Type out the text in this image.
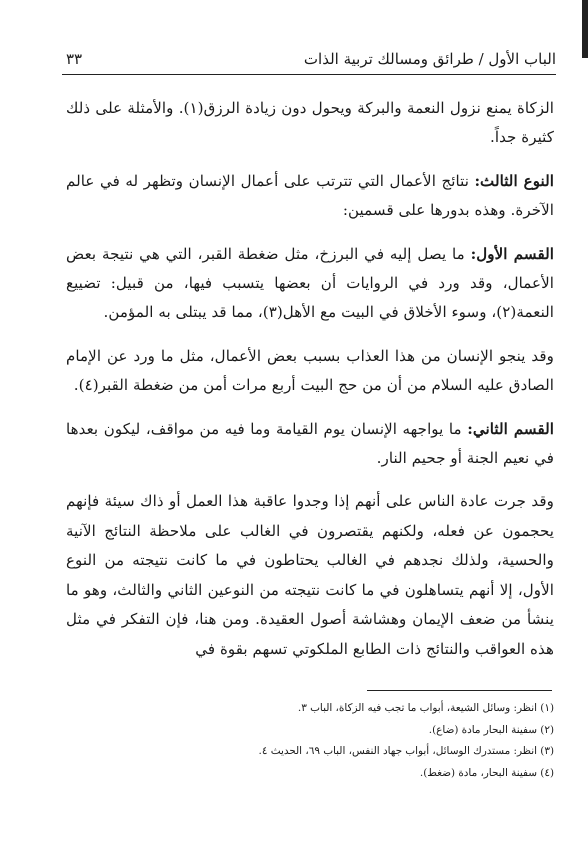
الباب الأول / طرائق ومسالك تربية الذات
٣٣

الزكاة يمنع نزول النعمة والبركة ويحول دون زيادة الرزق(١). والأمثلة على ذلك كثيرة جداً.

النوع الثالث: نتائج الأعمال التي تترتب على أعمال الإنسان وتظهر له في عالم الآخرة. وهذه بدورها على قسمين:

القسم الأول: ما يصل إليه في البرزخ، مثل ضغطة القبر، التي هي نتيجة بعض الأعمال، وقد ورد في الروايات أن بعضها يتسبب فيها، من قبيل: تضييع النعمة(٢)، وسوء الأخلاق في البيت مع الأهل(٣)، مما قد يبتلى به المؤمن.

وقد ينجو الإنسان من هذا العذاب بسبب بعض الأعمال، مثل ما ورد عن الإمام الصادق عليه السلام من أن من حج البيت أربع مرات أمن من ضغطة القبر(٤).

القسم الثاني: ما يواجهه الإنسان يوم القيامة وما فيه من مواقف، ليكون بعدها في نعيم الجنة أو جحيم النار.

وقد جرت عادة الناس على أنهم إذا وجدوا عاقبة هذا العمل أو ذاك سيئة فإنهم يحجمون عن فعله، ولكنهم يقتصرون في الغالب على ملاحظة النتائج الآنية والحسية، ولذلك نجدهم في الغالب يحتاطون في ما كانت نتيجته من النوع الأول، إلا أنهم يتساهلون في ما كانت نتيجته من النوعين الثاني والثالث، وهو ما ينشأ من ضعف الإيمان وهشاشة أصول العقيدة. ومن هنا، فإن التفكر في مثل هذه العواقب والنتائج ذات الطابع الملكوتي تسهم بقوة في

(١) انظر: وسائل الشيعة، أبواب ما تجب فيه الزكاة، الباب ٣.
(٢) سفينة البحار مادة (ضاع).
(٣) انظر: مستدرك الوسائل، أبواب جهاد النفس، الباب ٦٩، الحديث ٤.
(٤) سفينة البحار، مادة (ضغط).
